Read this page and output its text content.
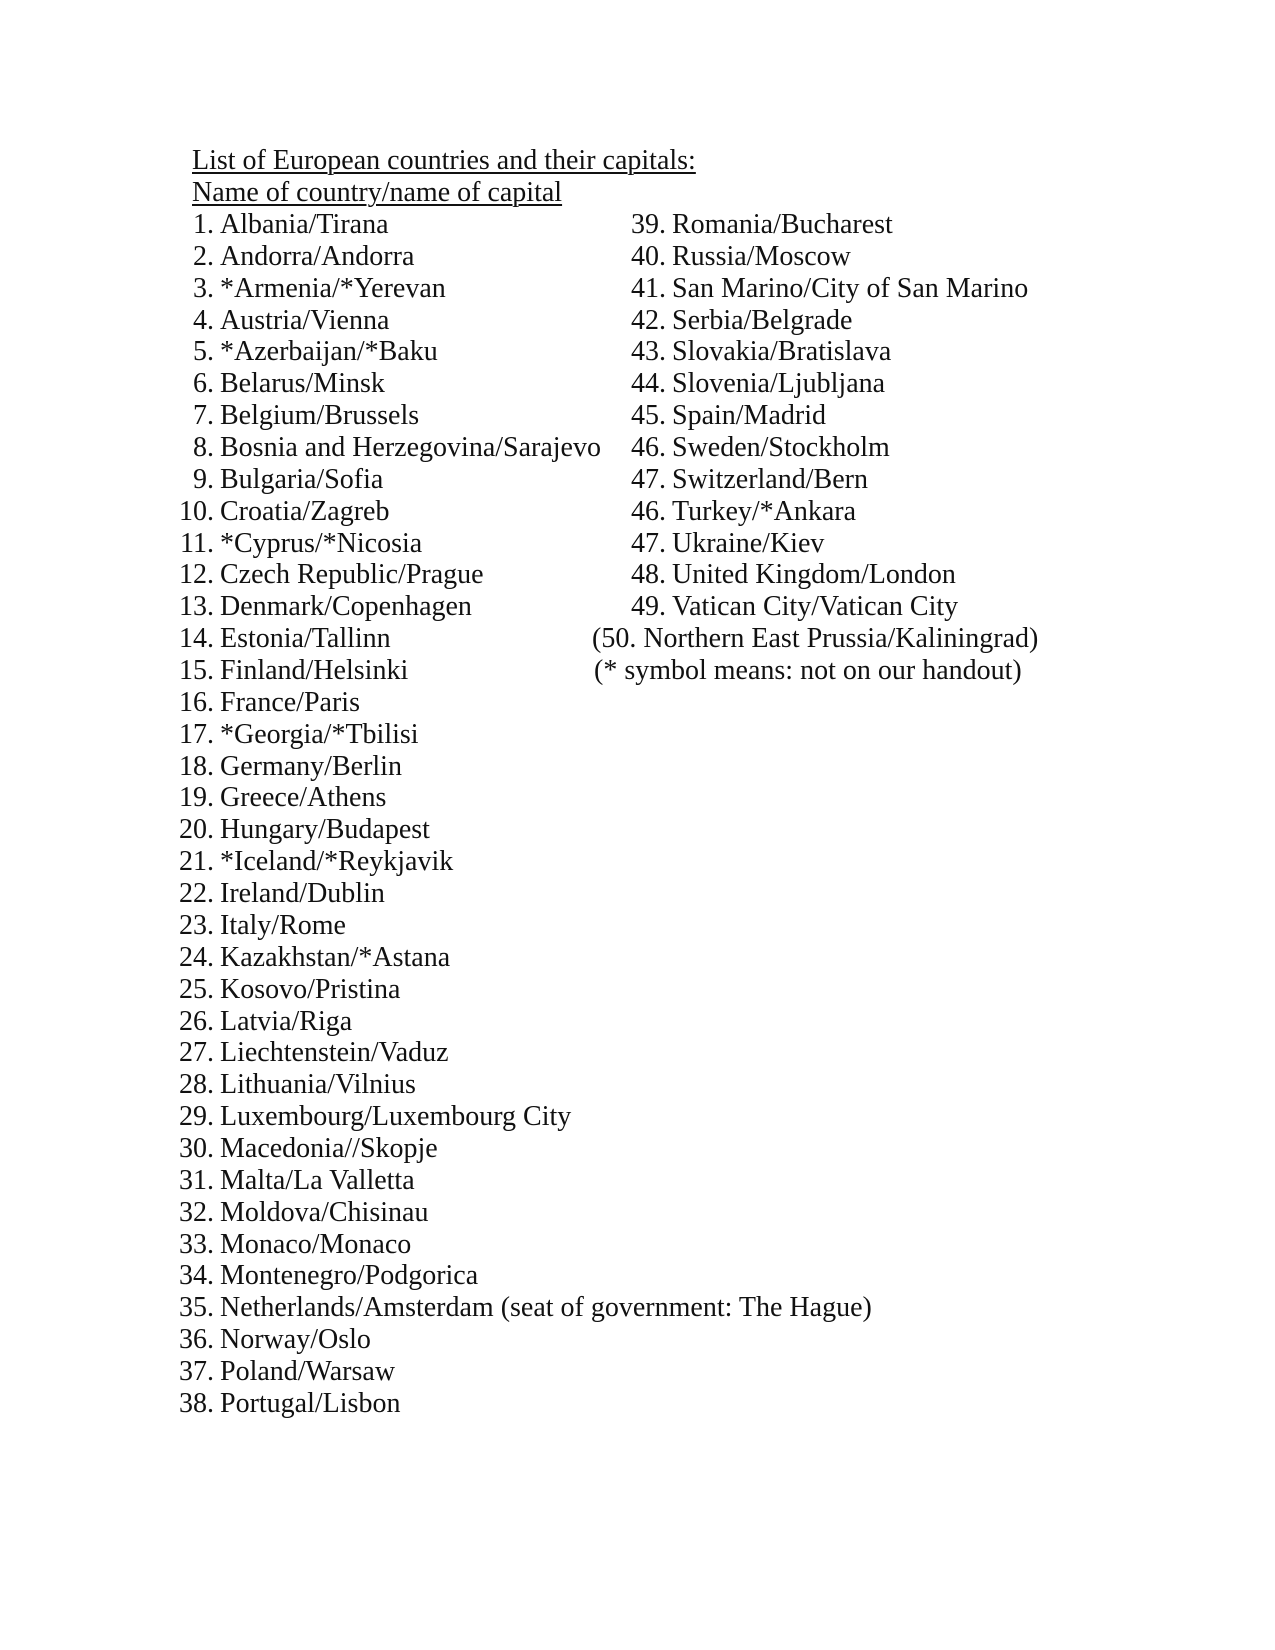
List of European countries and their capitals:
Name of country/name of capital
1. Albania/Tirana
2. Andorra/Andorra
3. *Armenia/*Yerevan
4. Austria/Vienna
5. *Azerbaijan/*Baku
6. Belarus/Minsk
7. Belgium/Brussels
8. Bosnia and Herzegovina/Sarajevo
9. Bulgaria/Sofia
10. Croatia/Zagreb
11. *Cyprus/*Nicosia
12. Czech Republic/Prague
13. Denmark/Copenhagen
14. Estonia/Tallinn
15. Finland/Helsinki
16. France/Paris
17. *Georgia/*Tbilisi
18. Germany/Berlin
19. Greece/Athens
20. Hungary/Budapest
21. *Iceland/*Reykjavik
22. Ireland/Dublin
23. Italy/Rome
24. Kazakhstan/*Astana
25. Kosovo/Pristina
26. Latvia/Riga
27. Liechtenstein/Vaduz
28. Lithuania/Vilnius
29. Luxembourg/Luxembourg City
30. Macedonia//Skopje
31. Malta/La Valletta
32. Moldova/Chisinau
33. Monaco/Monaco
34. Montenegro/Podgorica
35. Netherlands/Amsterdam (seat of government: The Hague)
36. Norway/Oslo
37. Poland/Warsaw
38. Portugal/Lisbon
39. Romania/Bucharest
40. Russia/Moscow
41. San Marino/City of San Marino
42. Serbia/Belgrade
43. Slovakia/Bratislava
44. Slovenia/Ljubljana
45. Spain/Madrid
46. Sweden/Stockholm
47. Switzerland/Bern
46. Turkey/*Ankara
47. Ukraine/Kiev
48. United Kingdom/London
49. Vatican City/Vatican City
(50. Northern East Prussia/Kaliningrad)
(* symbol means: not on our handout)
